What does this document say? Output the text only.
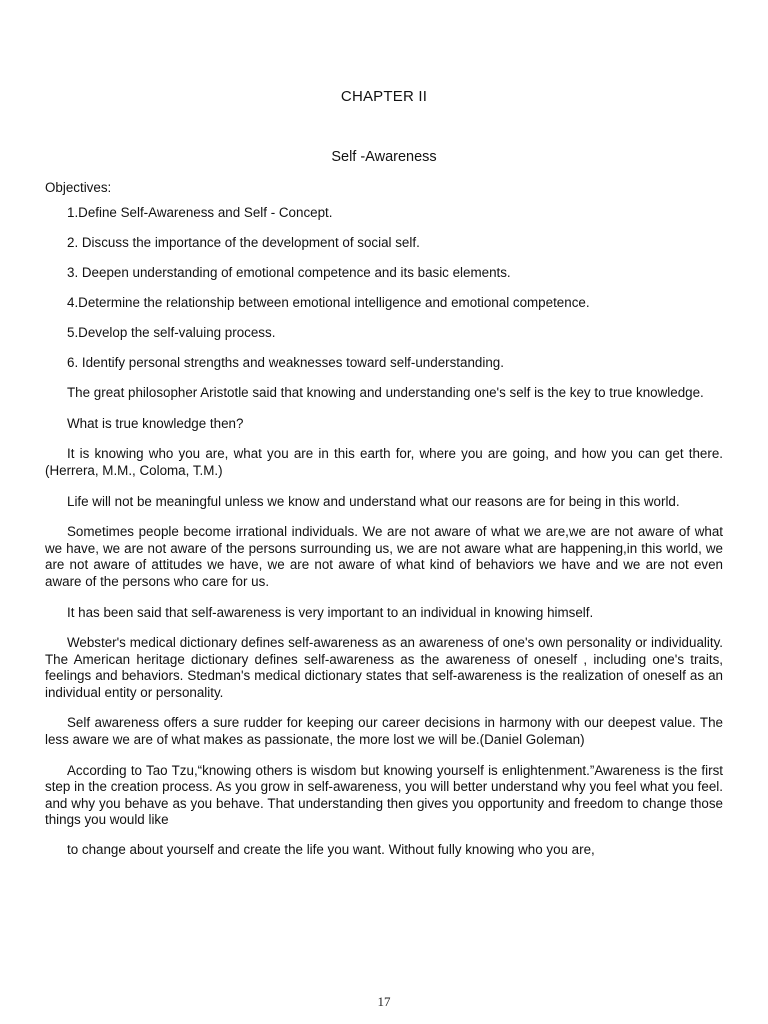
CHAPTER II
Self -Awareness
Objectives:
1.Define Self-Awareness and Self - Concept.
2. Discuss the importance of the development of social self.
3. Deepen understanding of emotional competence and its basic elements.
4.Determine the relationship between emotional intelligence and emotional competence.
5.Develop the self-valuing process.
6. Identify personal strengths and weaknesses toward self-understanding.

The great philosopher Aristotle said that knowing and understanding one's self is the key to true knowledge.

What is true knowledge then?

It is knowing who you are, what you are in this earth for, where you are going, and how you can get there. (Herrera, M.M., Coloma, T.M.)

Life will not be meaningful unless we know and understand what our reasons are for being in this world.

Sometimes people become irrational individuals. We are not aware of what we are,we are not aware of what we have, we are not aware of the persons surrounding us, we are not aware what are happening,in this world, we are not aware of attitudes we have, we are not aware of what kind of behaviors we have and we are not even aware of the persons who care for us.

It has been said that self-awareness is very important to an individual in knowing himself.

Webster's medical dictionary defines self-awareness as an awareness of one's own personality or individuality. The American heritage dictionary defines self-awareness as the awareness of oneself , including one's traits, feelings and behaviors. Stedman's medical dictionary states that self-awareness is the realization of oneself as an individual entity or personality.

Self awareness offers a sure rudder for keeping our career decisions in harmony with our deepest value. The less aware we are of what makes as passionate, the more lost we will be.(Daniel Goleman)

According to Tao Tzu,“knowing others is wisdom but knowing yourself is enlightenment.”Awareness is the first step in the creation process. As you grow in self-awareness, you will better understand why you feel what you feel. and why you behave as you behave. That understanding then gives you opportunity and freedom to change those things you would like

to change about yourself and create the life you want. Without fully knowing who you are,

17
